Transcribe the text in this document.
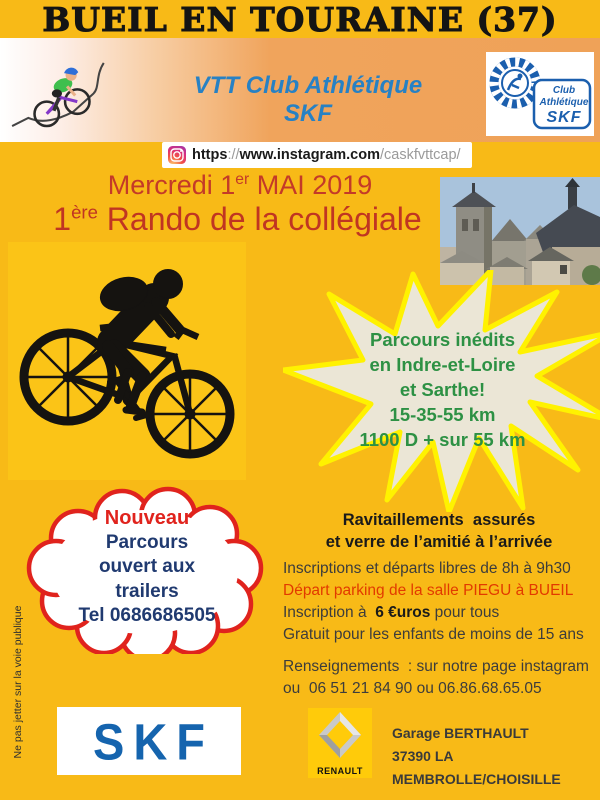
BUEIL EN TOURAINE (37)
VTT Club Athlétique SKF
Club
Athlétique
SKF
https://www.instagram.com/caskfvttcap/
Mercredi 1er MAI 2019
1ère Rando de la collégiale
Parcours inédits
en Indre-et-Loire
et Sarthe!
15-35-55 km
1100 D + sur 55 km
Nouveau
Parcours
ouvert aux
trailers
Tel 0686686505
Ravitaillements  assurés
et verre de l’amitié à l’arrivée
Inscriptions et départs libres de 8h à 9h30
Départ parking de la salle PIEGU à BUEIL
Inscription à  6 €uros pour tous
Gratuit pour les enfants de moins de 15 ans
Renseignements  : sur notre page instagram
ou  06 51 21 84 90 ou 06.86.68.65.05
SKF
RENAULT
Garage BERTHAULT
37390 LA MEMBROLLE/CHOISILLE
Ne pas jetter sur la voie publique
